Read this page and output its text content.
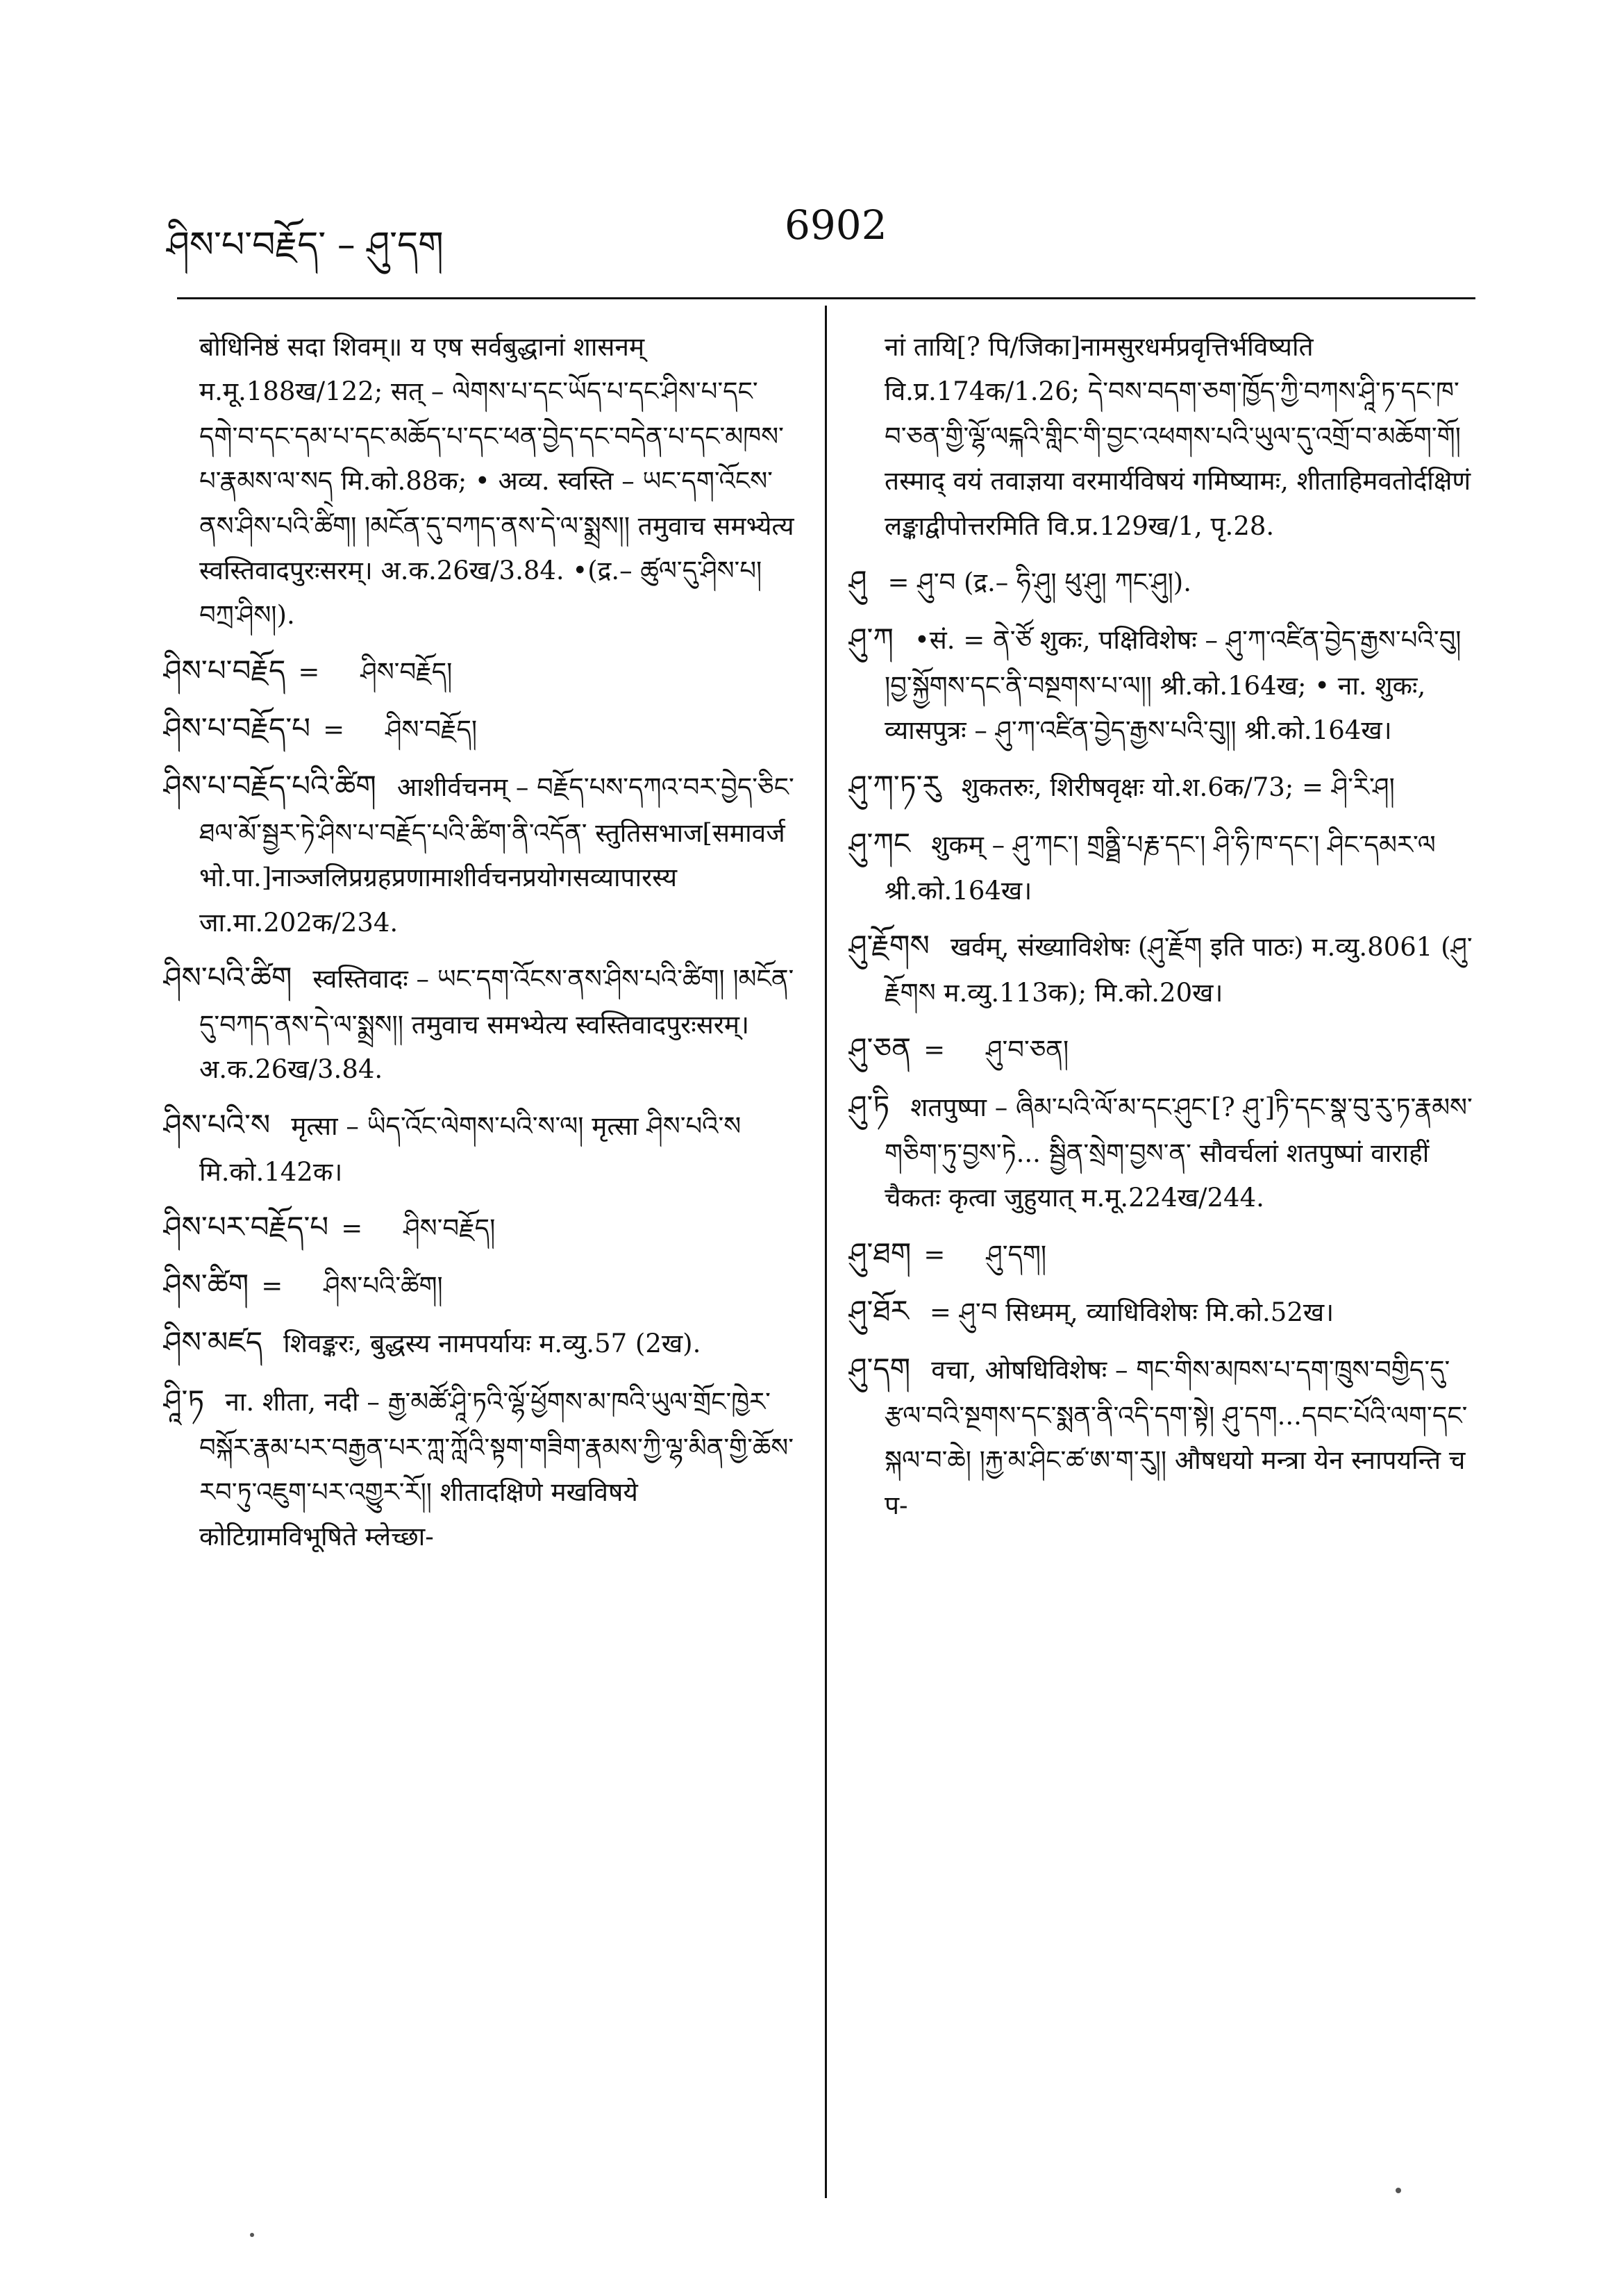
ཤིས་པ་བརྗོད་ – ཤུ་དག	6902

बोधिनिष्ठं सदा शिवम्॥ य एष सर्वबुद्धानां शासनम् म.मू.188ख/122; सत् – ལེགས་པ་དང་ཡོད་པ་དང་ཤིས་པ་དང་དགེ་བ་དང་དམ་པ་དང་མཆོད་པ་དང་ཕན་བྱེད་དང་བདེན་པ་དང་མཁས་པ་རྣམས་ལ་སད྄ मि.को.88क; • अव्य. स्वस्ति – ཡང་དག་འོངས་ནས་ཤིས་པའི་ཚིག། །མངོན་དུ་བཀད་ནས་དེ་ལ་སྨྲས།། तमुवाच समभ्येत्य स्वस्तिवादपुरःसरम्। अ.क.26ख/3.84. •(द्र.– ཚུལ་དུ་ཤིས་པ། བཀྲ་ཤིས།).

ཤིས་པ་བརྗོད = ཤིས་བརྗོད།

ཤིས་པ་བརྗོད་པ = ཤིས་བརྗོད།

ཤིས་པ་བརྗོད་པའི་ཚིག आशीर्वचनम् – བརྗོད་པས་དཀའ་བར་བྱེད་ཅིང་ཐལ་མོ་སྦྱར་ཏེ་ཤིས་པ་བརྗོད་པའི་ཚིག་ནི་འདོན་ स्तुतिसभाज[समावर्ज भो.पा.]नाञ्जलिप्रग्रहप्रणामाशीर्वचनप्रयोगसव्यापारस्य जा.मा.202क/234.

ཤིས་པའི་ཚིག स्वस्तिवादः – ཡང་དག་འོངས་ནས་ཤིས་པའི་ཚིག། །མངོན་དུ་བཀད་ནས་དེ་ལ་སྨྲས།། तमुवाच समभ्येत्य स्वस्तिवादपुरःसरम्। अ.क.26ख/3.84.

ཤིས་པའི་ས मृत्सा – ཡིད་འོང་ལེགས་པའི་ས་ལ། मृत्सा ཤིས་པའི་ས मि.को.142क।

ཤིས་པར་བརྗོད་པ = ཤིས་བརྗོད།

ཤིས་ཚིག = ཤིས་པའི་ཚིག།

ཤིས་མཛད शिवङ्करः, बुद्धस्य नामपर्यायः म.व्यु.57 (2ख).

ཤཱི་ཏ ना. शीता, नदी – རྒྱ་མཚོ་ཤཱི་ཏའི་ལྷོ་ཕྱོགས་མ་ཁའི་ཡུལ་གྲོང་ཁྱེར་བསྐོར་རྣམ་པར་བརྒྱན་པར་ཀླ་ཀློའི་སྟག་གཟིག་རྣམས་ཀྱི་ལྷ་མིན་གྱི་ཆོས་རབ་ཏུ་འཇུག་པར་འགྱུར་རོ།། शीतादक्षिणे मखविषये कोटिग्रामविभूषिते म्लेच्छा-

नां तायि[? पि/जिका]नामसुरधर्मप्रवृत्तिर्भविष्यति वि.प्र.174क/1.26; དེ་བས་བདག་ཅག་ཁྱོད་ཀྱི་བཀས་ཤཱི་ཏ་དང་ཁ་བ་ཅན་གྱི་ལྷོ་ལངྐའི་གླིང་གི་བྱང་འཕགས་པའི་ཡུལ་དུ་འགྲོ་བ་མཆོག་གོ། तस्माद् वयं तवाज्ञया वरमार्यविषयं गमिष्यामः, शीताहिमवतोर्दक्षिणं लङ्काद्वीपोत्तरमिति वि.प्र.129ख/1, पृ.28.

ཤུ = ཤུ་བ (द्र.– ཧི་ཤུ། ཕུ་ཤུ། ཀང་ཤུ།).

ཤུ་ཀ •सं. = ནེ་ཙོ शुकः, पक्षिविशेषः – ཤུ་ཀ་འཛིན་བྱེད་རྒྱས་པའི་བུ། །བྱ་སྐྱོགས་དང་ནི་བསྔགས་པ་ལ།། श्री.को.164ख; • ना. शुकः, व्यासपुत्रः – ཤུ་ཀ་འཛིན་བྱེད་རྒྱས་པའི་བུ།། श्री.को.164ख।

ཤུ་ཀ་ཏ་རུ शुकतरुः, शिरीषवृक्षः यो.श.6क/73; = ཤི་རི་ཤ།

ཤུ་ཀང शुकम् – ཤུ་ཀང་། གྲནྠི་པརྞ་དང་། ཤི་ཧི་ཁ་དང་། ཤིང་དམར་ལ श्री.को.164ख।

ཤུ་རྗོགས खर्वम्, संख्याविशेषः (ཤུ་རྗོག इति पाठः) म.व्यु.8061 (ཤུ་རྗོགས म.व्यु.113क); मि.को.20ख।

ཤུ་ཅན = ཤུ་བ་ཅན།

ཤུ་ཏི शतपुष्पा – ཞིམ་པའི་ལོ་མ་དང་ཤུང་[? ཤུ་]ཏི་དང་སྣ་བུ་རུ་ཏ་རྣམས་གཅིག་ཏུ་བྱས་ཏེ... སྦྱིན་སྲེག་བྱས་ན་ सौवर्चलां शतपुष्पां वाराहीं चैकतः कृत्वा जुहुयात् म.मू.224ख/244.

ཤུ་ཐག = ཤུ་དག།

ཤུ་ཐོར = ཤུ་བ सिध्मम्, व्याधिविशेषः मि.को.52ख।

ཤུ་དག वचा, ओषधिविशेषः – གང་གིས་མཁས་པ་དག་ཁྲུས་བགྱིད་དུ་རྩལ་བའི་སྔགས་དང་སྨན་ནི་འདི་དག་སྟེ། ཤུ་དག...དབང་པོའི་ལག་དང་སྐལ་བ་ཆེ། །རྐྱ་མ་ཤིང་ཚ་ཨ་ག་རུ།། औषधयो मन्त्रा येन स्नापयन्ति च प-
